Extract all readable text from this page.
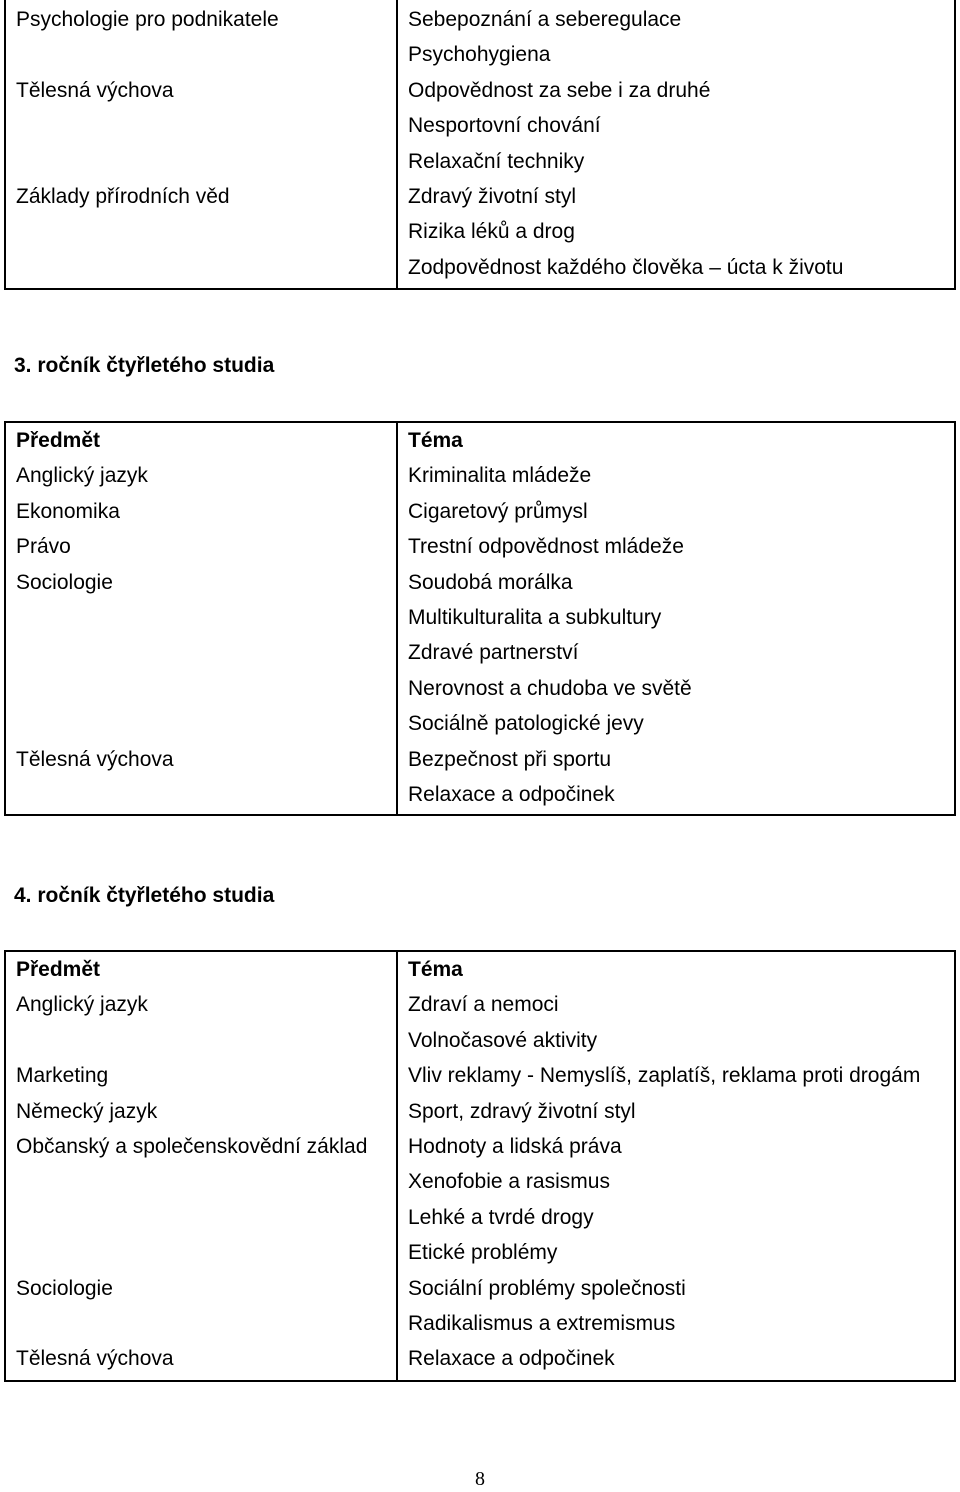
Psychologie pro podnikatele	Sebepoznání a seberegulace
Psychohygiena
Tělesná výchova	Odpovědnost za sebe i za druhé
Nesportovní chování
Relaxační techniky
Základy přírodních věd	Zdravý životní styl
Rizika léků a drog
Zodpovědnost každého člověka – úcta k životu
3. ročník čtyřletého studia
Předmět	Téma
Anglický jazyk	Kriminalita mládeže
Ekonomika	Cigaretový průmysl
Právo	Trestní odpovědnost mládeže
Sociologie	Soudobá morálka
Multikulturalita a subkultury
Zdravé partnerství
Nerovnost a chudoba ve světě
Sociálně patologické jevy
Tělesná výchova	Bezpečnost při sportu
Relaxace a odpočinek
4. ročník čtyřletého studia
Předmět	Téma
Anglický jazyk	Zdraví a nemoci
Volnočasové aktivity
Marketing	Vliv reklamy - Nemyslíš, zaplatíš, reklama proti drogám
Německý jazyk	Sport, zdravý životní styl
Občanský a společenskovědní základ	Hodnoty a lidská práva
Xenofobie a rasismus
Lehké a tvrdé drogy
Etické problémy
Sociologie	Sociální problémy společnosti
Radikalismus a extremismus
Tělesná výchova	Relaxace a odpočinek
8
